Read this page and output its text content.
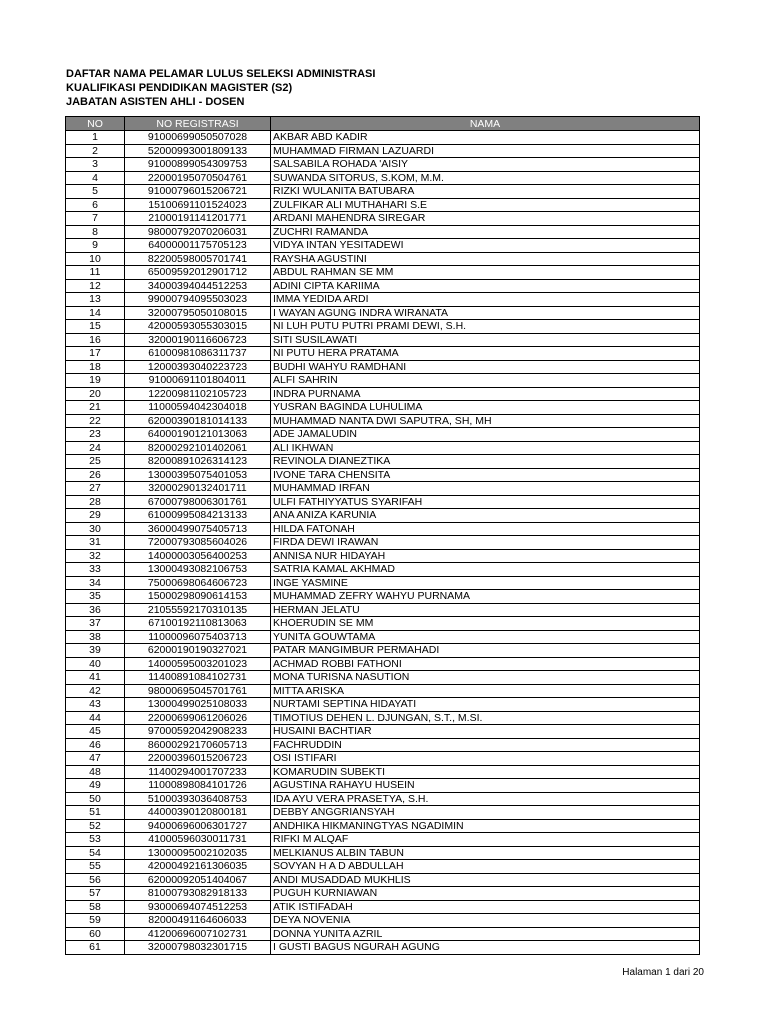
DAFTAR NAMA PELAMAR LULUS SELEKSI ADMINISTRASI
KUALIFIKASI PENDIDIKAN MAGISTER (S2)
JABATAN ASISTEN AHLI - DOSEN
NO	NO REGISTRASI	NAMA
1	91000699050507028	AKBAR ABD KADIR
2	52000993001809133	MUHAMMAD FIRMAN LAZUARDI
3	91000899054309753	SALSABILA ROHADA 'AISIY
4	22000195070504761	SUWANDA SITORUS, S.KOM, M.M.
5	91000796015206721	RIZKI WULANITA BATUBARA
6	15100691101524023	ZULFIKAR ALI MUTHAHARI S.E
7	21000191141201771	ARDANI MAHENDRA SIREGAR
8	98000792070206031	ZUCHRI RAMANDA
9	64000001175705123	VIDYA INTAN YESITADEWI
10	82200598005701741	RAYSHA AGUSTINI
11	65009592012901712	ABDUL RAHMAN SE MM
12	34000394044512253	ADINI CIPTA KARIIMA
13	99000794095503023	IMMA YEDIDA ARDI
14	32000795050108015	I WAYAN AGUNG INDRA WIRANATA
15	42000593055303015	NI LUH PUTU PUTRI PRAMI DEWI, S.H.
16	32000190116606723	SITI SUSILAWATI
17	61000981086311737	NI PUTU HERA PRATAMA
18	12000393040223723	BUDHI WAHYU RAMDHANI
19	91000691101804011	ALFI SAHRIN
20	12200981102105723	INDRA PURNAMA
21	11000594042304018	YUSRAN BAGINDA LUHULIMA
22	62000390181014133	MUHAMMAD NANTA DWI SAPUTRA, SH, MH
23	64000190121013063	ADE JAMALUDIN
24	82000292101402061	ALI IKHWAN
25	82000891026314123	REVINOLA DIANEZTIKA
26	13000395075401053	IVONE TARA CHENSITA
27	32000290132401711	MUHAMMAD IRFAN
28	67000798006301761	ULFI FATHIYYATUS SYARIFAH
29	61000995084213133	ANA ANIZA KARUNIA
30	36000499075405713	HILDA FATONAH
31	72000793085604026	FIRDA DEWI IRAWAN
32	14000003056400253	ANNISA NUR HIDAYAH
33	13000493082106753	SATRIA KAMAL AKHMAD
34	75000698064606723	INGE YASMINE
35	15000298090614153	MUHAMMAD ZEFRY WAHYU PURNAMA
36	21055592170310135	HERMAN JELATU
37	67100192110813063	KHOERUDIN SE MM
38	11000096075403713	YUNITA GOUWTAMA
39	62000190190327021	PATAR MANGIMBUR PERMAHADI
40	14000595003201023	ACHMAD ROBBI FATHONI
41	11400891084102731	MONA TURISNA NASUTION
42	98000695045701761	MITTA ARISKA
43	13000499025108033	NURTAMI SEPTINA HIDAYATI
44	22000699061206026	TIMOTIUS DEHEN L. DJUNGAN, S.T., M.SI.
45	97000592042908233	HUSAINI BACHTIAR
46	86000292170605713	FACHRUDDIN
47	22000396015206723	OSI ISTIFARI
48	11400294001707233	KOMARUDIN SUBEKTI
49	11000898084101726	AGUSTINA RAHAYU HUSEIN
50	51000393036408753	IDA AYU VERA PRASETYA, S.H.
51	44000390120800181	DEBBY ANGGRIANSYAH
52	94000696006301727	ANDHIKA HIKMANINGTYAS NGADIMIN
53	41000596030011731	RIFKI M ALQAF
54	13000095002102035	MELKIANUS ALBIN TABUN
55	42000492161306035	SOVYAN H A D ABDULLAH
56	62000092051404067	ANDI MUSADDAD MUKHLIS
57	81000793082918133	PUGUH KURNIAWAN
58	93000694074512253	ATIK ISTIFADAH
59	82000491164606033	DEYA NOVENIA
60	41200696007102731	DONNA YUNITA AZRIL
61	32000798032301715	I GUSTI BAGUS NGURAH AGUNG
Halaman 1 dari 20
